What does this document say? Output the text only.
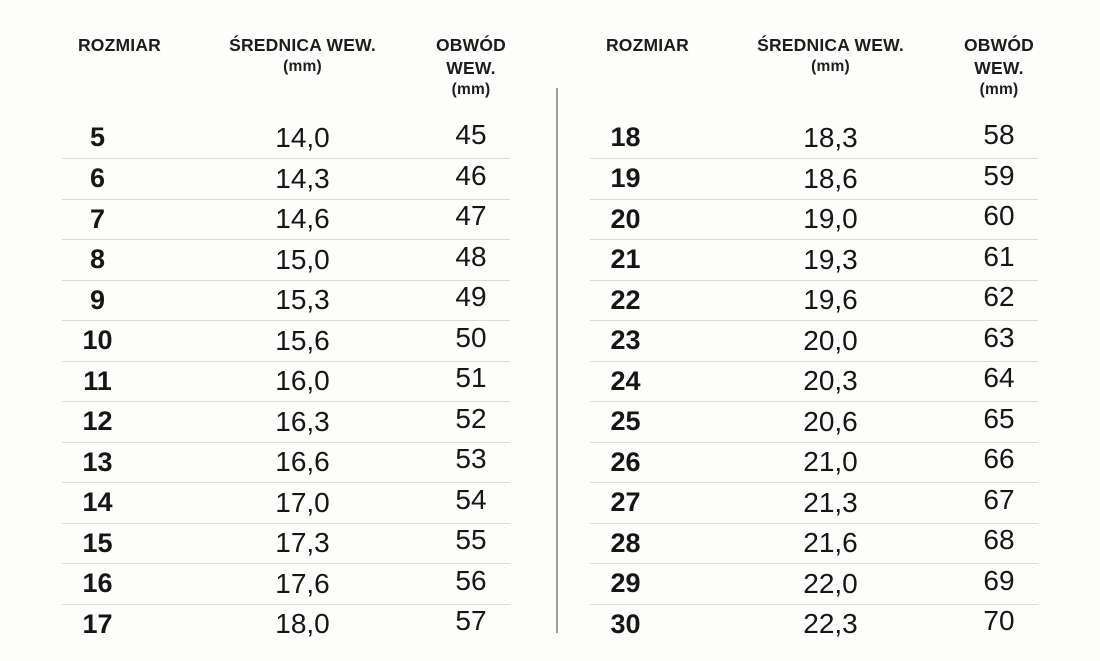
ROZMIAR	ŚREDNICA WEW.
(mm)
OBWÓD WEW.
(mm)
5	14,0	45
6	14,3	46
7	14,6	47
8	15,0	48
9	15,3	49
10	15,6	50
11	16,0	51
12	16,3	52
13	16,6	53
14	17,0	54
15	17,3	55
16	17,6	56
17	18,0	57
ROZMIAR	ŚREDNICA WEW.
(mm)
OBWÓD WEW.
(mm)
18	18,3	58
19	18,6	59
20	19,0	60
21	19,3	61
22	19,6	62
23	20,0	63
24	20,3	64
25	20,6	65
26	21,0	66
27	21,3	67
28	21,6	68
29	22,0	69
30	22,3	70
